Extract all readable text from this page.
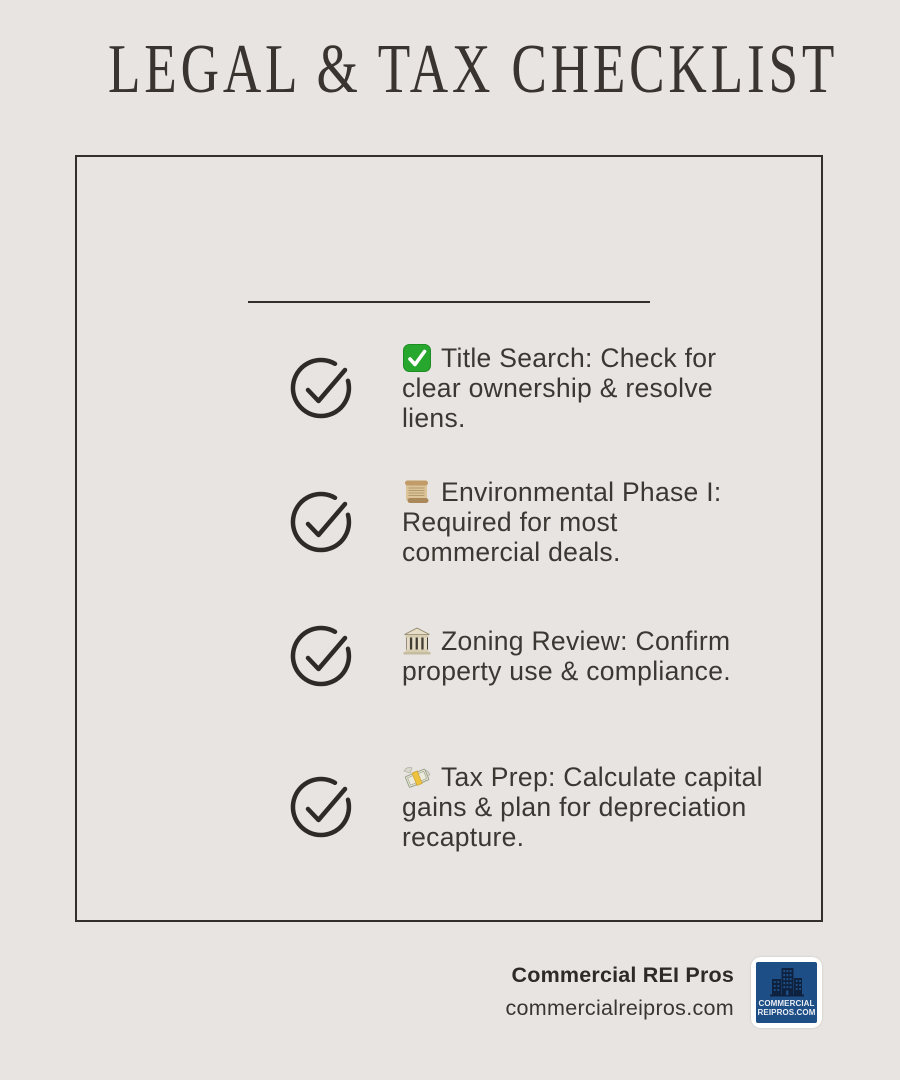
LEGAL & TAX CHECKLIST
Title Search: Check for
clear ownership & resolve
liens.
Environmental Phase I:
Required for most
commercial deals.
Zoning Review: Confirm
property use & compliance.
Tax Prep: Calculate capital
gains & plan for depreciation
recapture.
Commercial REI Pros
commercialreipros.com	COMMERCIAL
REIPROS.COM
